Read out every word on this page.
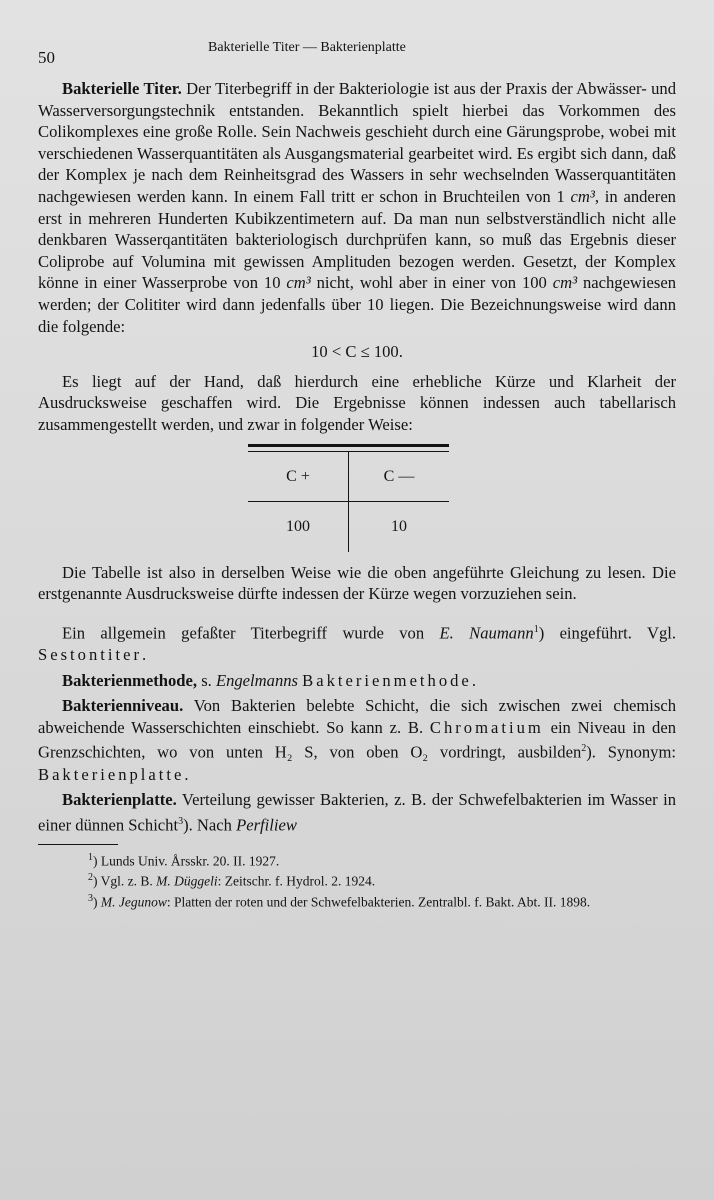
50
Bakterielle Titer — Bakterienplatte

Bakterielle Titer. Der Titerbegriff in der Bakteriologie ist aus der Praxis der Abwässer- und Wasserversorgungstechnik entstanden. Bekanntlich spielt hierbei das Vorkommen des Colikomplexes eine große Rolle. Sein Nachweis geschieht durch eine Gärungsprobe, wobei mit verschiedenen Wasserquantitäten als Ausgangsmaterial gearbeitet wird. Es ergibt sich dann, daß der Komplex je nach dem Reinheitsgrad des Wassers in sehr wechselnden Wasserquantitäten nachgewiesen werden kann. In einem Fall tritt er schon in Bruchteilen von 1 cm³, in anderen erst in mehreren Hunderten Kubikzentimetern auf. Da man nun selbstverständlich nicht alle denkbaren Wasserqantitäten bakteriologisch durchprüfen kann, so muß das Ergebnis dieser Coliprobe auf Volumina mit gewissen Amplituden bezogen werden. Gesetzt, der Komplex könne in einer Wasserprobe von 10 cm³ nicht, wohl aber in einer von 100 cm³ nachgewiesen werden; der Colititer wird dann jedenfalls über 10 liegen. Die Bezeichnungsweise wird dann die folgende:

10 < C ≤ 100.

Es liegt auf der Hand, daß hierdurch eine erhebliche Kürze und Klarheit der Ausdrucksweise geschaffen wird. Die Ergebnisse können indessen auch tabellarisch zusammengestellt werden, und zwar in folgender Weise:

C +	C —
100	10

Die Tabelle ist also in derselben Weise wie die oben angeführte Gleichung zu lesen. Die erstgenannte Ausdrucksweise dürfte indessen der Kürze wegen vorzuziehen sein.

Ein allgemein gefaßter Titerbegriff wurde von E. Naumann$^1$) eingeführt. Vgl. Sestontiter.

Bakterienmethode, s. Engelmanns Bakterienmethode.

Bakterienniveau. Von Bakterien belebte Schicht, die sich zwischen zwei chemisch abweichende Wasserschichten einschiebt. So kann z. B. Chromatium ein Niveau in den Grenzschichten, wo von unten H₂ S, von oben O₂ vordringt, ausbilden$^2$). Synonym: Bakterienplatte.

Bakterienplatte. Verteilung gewisser Bakterien, z. B. der Schwefelbakterien im Wasser in einer dünnen Schicht$^3$). Nach Perfiliew

$^1$) Lunds Univ. Årsskr. 20. II. 1927.

$^2$) Vgl. z. B. M. Düggeli: Zeitschr. f. Hydrol. 2. 1924.

$^3$) M. Jegunow: Platten der roten und der Schwefelbakterien. Zentralbl. f. Bakt. Abt. II. 1898.
